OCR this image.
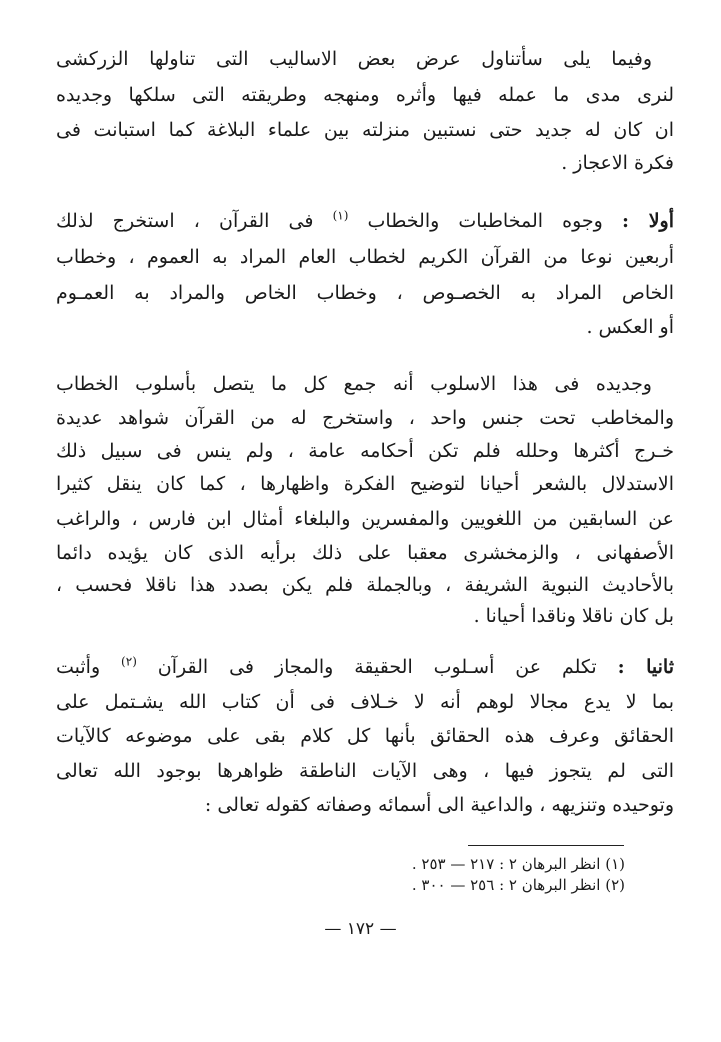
وفيما يلى سأتناول عرض بعض الاساليب التى تناولها الزركشى
لنرى مدى ما عمله فيها وأثره ومنهجه وطريقته التى سلكها وجديده
ان كان له جديد حتى نستبين منزلته بين علماء البلاغة كما استبانت فى
فكرة الاعجاز .
أولا : وجوه المخاطبات والخطاب $^{(١)}$ فى القرآن ، استخرج لذلك
أربعين نوعا من القرآن الكريم لخطاب العام المراد به العموم ، وخطاب
الخاص المراد به الخصـوص ، وخطاب الخاص والمراد به العمـوم
أو العكس .
وجديده فى هذا الاسلوب أنه جمع كل ما يتصل بأسلوب الخطاب
والمخاطب تحت جنس واحد ، واستخرج له من القرآن شواهد عديدة
خـرج أكثرها وحلله فلم تكن أحكامه عامة ، ولم ينس فى سبيل ذلك
الاستدلال بالشعر أحيانا لتوضيح الفكرة واظهارها ، كما كان ينقل كثيرا
عن السابقين من اللغويين والمفسرين والبلغاء أمثال ابن فارس ، والراغب
الأصفهانى ، والزمخشرى معقبا على ذلك برأيه الذى كان يؤيده دائما
بالأحاديث النبوية الشريفة ، وبالجملة فلم يكن بصدد هذا ناقلا فحسب ،
بل كان ناقلا وناقدا أحيانا .
ثانيا : تكلم عن أسـلوب الحقيقة والمجاز فى القرآن $^{(٢)}$ وأثبت
بما لا يدع مجالا لوهم أنه لا خـلاف فى أن كتاب الله يشـتمل على
الحقائق وعرف هذه الحقائق بأنها كل كلام بقى على موضوعه كالآيات
التى لم يتجوز فيها ، وهى الآيات الناطقة ظواهرها بوجود الله تعالى
وتوحيده وتنزيهه ، والداعية الى أسمائه وصفاته كقوله تعالى :
(١) انظر البرهان ٢ : ٢١٧ — ٢٥٣ .
(٢) انظر البرهان ٢ : ٢٥٦ — ٣٠٠ .
— ١٧٢ —
